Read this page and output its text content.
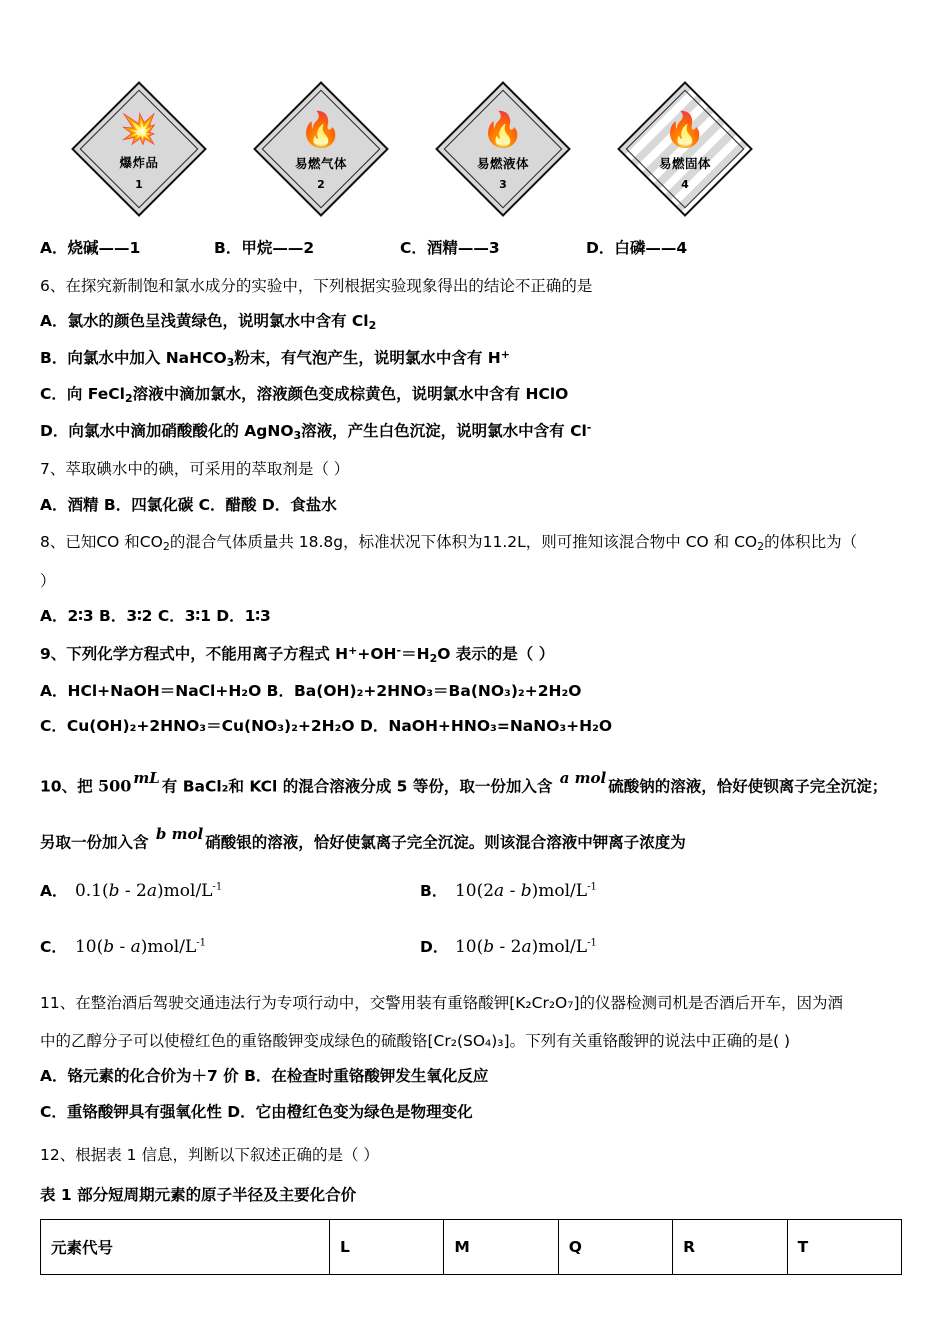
💥
爆炸品
1
🔥
易燃气体
2
🔥
易燃液体
3
🔥
易燃固体
4
A．烧碱——1	B．甲烷——2	C．酒精——3	D．白磷——4
6、在探究新制饱和氯水成分的实验中，下列根据实验现象得出的结论不正确的是
A．氯水的颜色呈浅黄绿色，说明氯水中含有 $Cl_2$
B．向氯水中加入 NaHCO$_3$粉末，有气泡产生，说明氯水中含有 H+
C．向 FeCl$_2$溶液中滴加氯水，溶液颜色变成棕黄色，说明氯水中含有 HClO
D．向氯水中滴加硝酸酸化的 AgNO$_3$溶液，产生白色沉淀，说明氯水中含有 Cl-
7、萃取碘水中的碘，可采用的萃取剂是（ ）
A．酒精 B．四氯化碳 C．醋酸 D．食盐水
8、已知CO 和$CO_2$的混合气体质量共 18.8g，标准状况下体积为11.2L，则可推知该混合物中 CO 和 $CO_2$的体积比为（
）
A．2∶3 B．3∶2 C．3∶1 D．1∶3
9、下列化学方程式中，不能用离子方程式 $H^++OH^-=H_2O$ 表示的是（ ）
A．HCl+NaOH＝NaCl+H₂O B．Ba(OH)₂+2HNO₃＝Ba(NO₃)₂+2H₂O
C．Cu(OH)₂+2HNO₃＝Cu(NO₃)₂+2H₂O D．NaOH+HNO₃=NaNO₃+H₂O
10、把 500 mL 有 BaCl₂和 KCl 的混合溶液分成 5 等份，取一份加入含 a mol 硫酸钠的溶液，恰好使钡离子完全沉淀；
另取一份加入含 b mol 硝酸银的溶液，恰好使氯离子完全沉淀。则该混合溶液中钾离子浓度为
A． $0.1(b - 2a)mol/L^{-1}$	B． $10(2a - b)mol/L^{-1}$
C． $10(b - a)mol/L^{-1}$	D． $10(b - 2a)mol/L^{-1}$
11、在整治酒后驾驶交通违法行为专项行动中，交警用装有重铬酸钾[K₂Cr₂O₇]的仪器检测司机是否酒后开车，因为酒
中的乙醇分子可以使橙红色的重铬酸钾变成绿色的硫酸铬[Cr₂(SO₄)₃]。下列有关重铬酸钾的说法中正确的是( )
A．铬元素的化合价为＋7 价 B．在检查时重铬酸钾发生氧化反应
C．重铬酸钾具有强氧化性 D．它由橙红色变为绿色是物理变化
12、根据表 1 信息，判断以下叙述正确的是（ ）
表 1 部分短周期元素的原子半径及主要化合价
元素代号	L	M	Q	R	T
